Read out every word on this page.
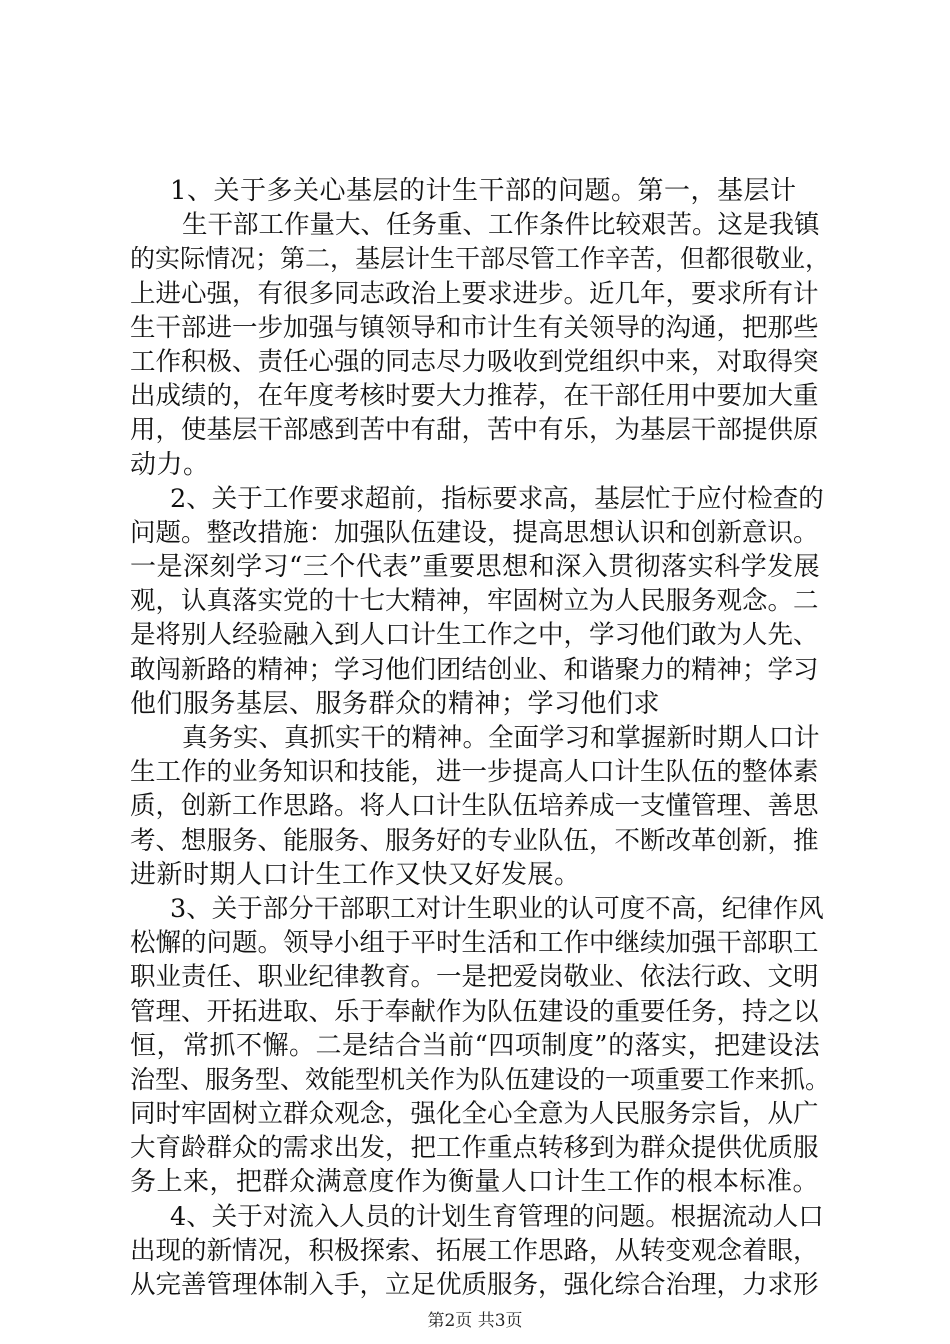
1、关于多关心基层的计生干部的问题。第一，基层计
生干部工作量大、任务重、工作条件比较艰苦。这是我镇
的实际情况；第二，基层计生干部尽管工作辛苦，但都很敬业，
上进心强，有很多同志政治上要求进步。近几年，要求所有计
生干部进一步加强与镇领导和市计生有关领导的沟通，把那些
工作积极、责任心强的同志尽力吸收到党组织中来，对取得突
出成绩的，在年度考核时要大力推荐，在干部任用中要加大重
用，使基层干部感到苦中有甜，苦中有乐，为基层干部提供原
动力。
2、关于工作要求超前，指标要求高，基层忙于应付检查的
问题。整改措施：加强队伍建设，提高思想认识和创新意识。
一是深刻学习“三个代表”重要思想和深入贯彻落实科学发展
观，认真落实党的十七大精神，牢固树立为人民服务观念。二
是将别人经验融入到人口计生工作之中，学习他们敢为人先、
敢闯新路的精神；学习他们团结创业、和谐聚力的精神；学习
他们服务基层、服务群众的精神；学习他们求
真务实、真抓实干的精神。全面学习和掌握新时期人口计
生工作的业务知识和技能，进一步提高人口计生队伍的整体素
质，创新工作思路。将人口计生队伍培养成一支懂管理、善思
考、想服务、能服务、服务好的专业队伍，不断改革创新，推
进新时期人口计生工作又快又好发展。
3、关于部分干部职工对计生职业的认可度不高，纪律作风
松懈的问题。领导小组于平时生活和工作中继续加强干部职工
职业责任、职业纪律教育。一是把爱岗敬业、依法行政、文明
管理、开拓进取、乐于奉献作为队伍建设的重要任务，持之以
恒，常抓不懈。二是结合当前“四项制度”的落实，把建设法
治型、服务型、效能型机关作为队伍建设的一项重要工作来抓。
同时牢固树立群众观念，强化全心全意为人民服务宗旨，从广
大育龄群众的需求出发，把工作重点转移到为群众提供优质服
务上来，把群众满意度作为衡量人口计生工作的根本标准。
4、关于对流入人员的计划生育管理的问题。根据流动人口
出现的新情况，积极探索、拓展工作思路，从转变观念着眼，
从完善管理体制入手，立足优质服务，强化综合治理，力求形
第2页 共3页
